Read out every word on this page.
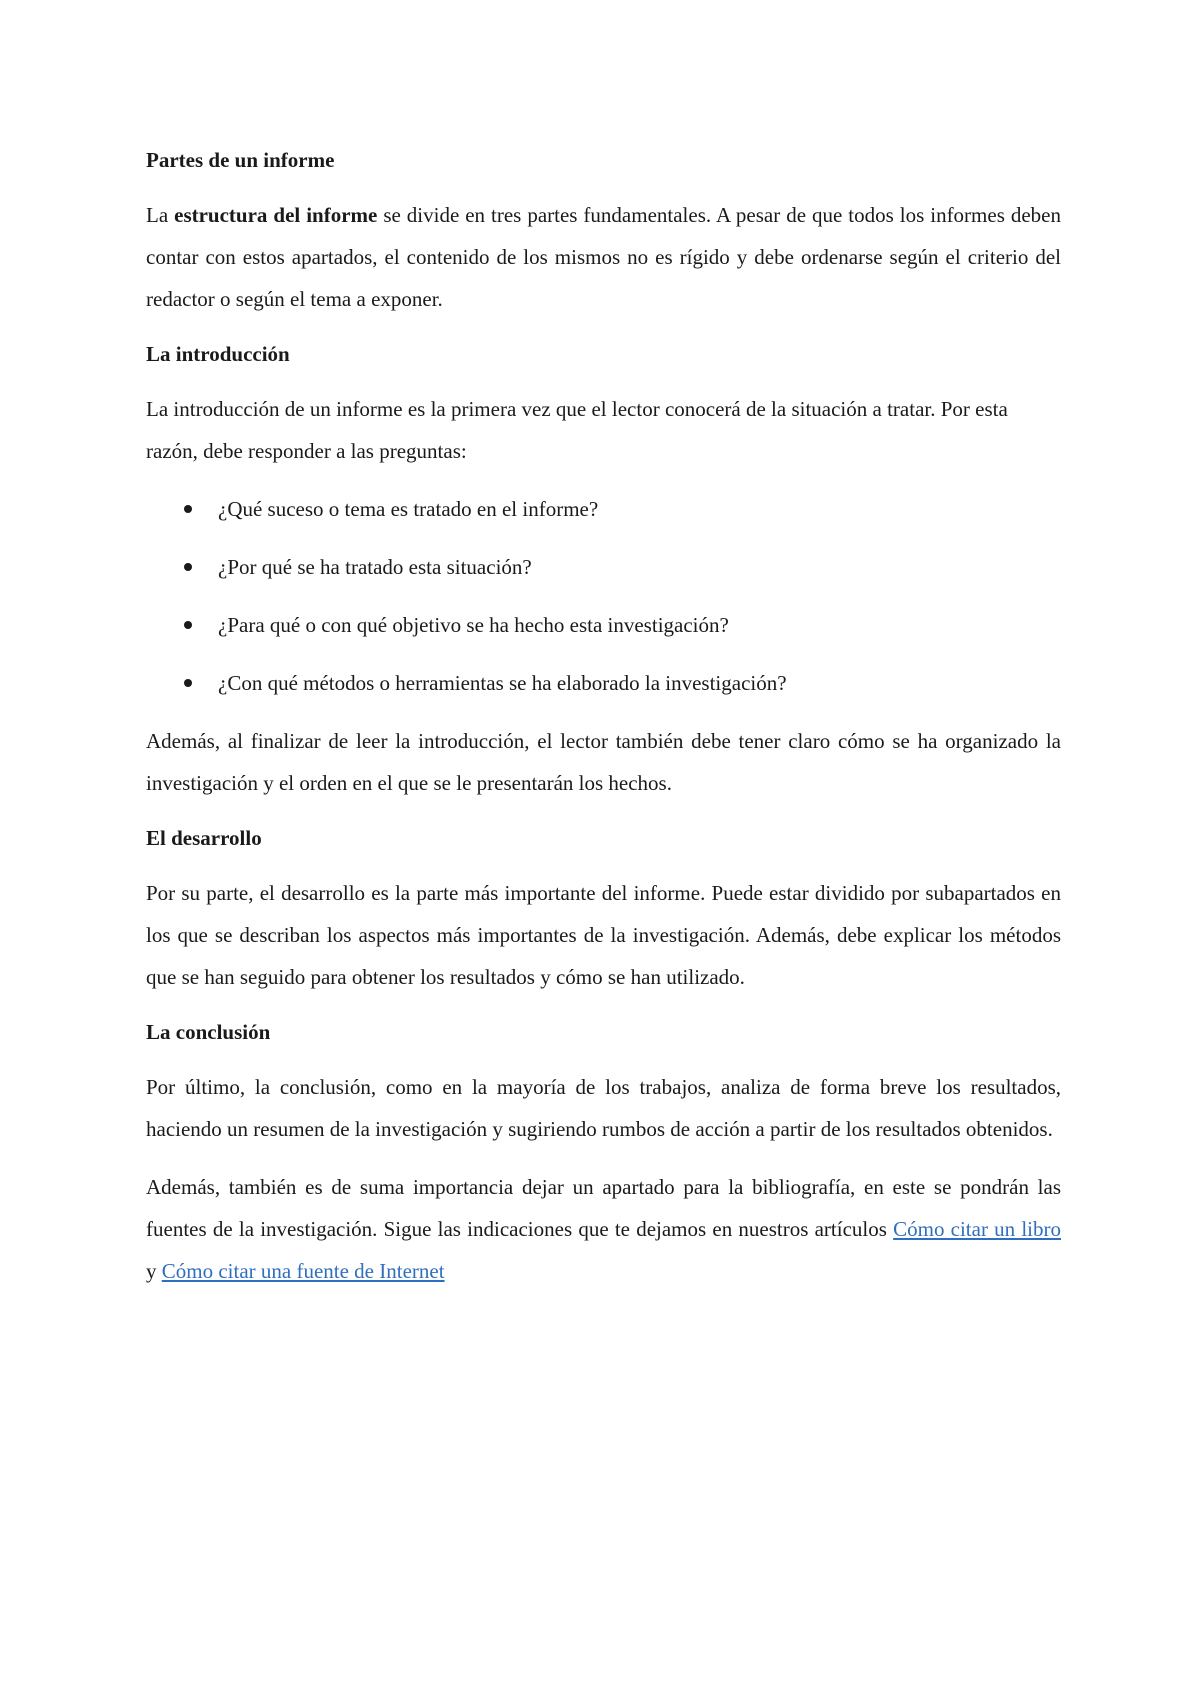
Partes de un informe

La estructura del informe se divide en tres partes fundamentales. A pesar de que todos los informes deben contar con estos apartados, el contenido de los mismos no es rígido y debe ordenarse según el criterio del redactor o según el tema a exponer.

La introducción

La introducción de un informe es la primera vez que el lector conocerá de la situación a tratar. Por esta razón, debe responder a las preguntas:

¿Qué suceso o tema es tratado en el informe?
¿Por qué se ha tratado esta situación?
¿Para qué o con qué objetivo se ha hecho esta investigación?
¿Con qué métodos o herramientas se ha elaborado la investigación?

Además, al finalizar de leer la introducción, el lector también debe tener claro cómo se ha organizado la investigación y el orden en el que se le presentarán los hechos.

El desarrollo

Por su parte, el desarrollo es la parte más importante del informe. Puede estar dividido por subapartados en los que se describan los aspectos más importantes de la investigación. Además, debe explicar los métodos que se han seguido para obtener los resultados y cómo se han utilizado.

La conclusión

Por último, la conclusión, como en la mayoría de los trabajos, analiza de forma breve los resultados, haciendo un resumen de la investigación y sugiriendo rumbos de acción a partir de los resultados obtenidos.

Además, también es de suma importancia dejar un apartado para la bibliografía, en este se pondrán las fuentes de la investigación. Sigue las indicaciones que te dejamos en nuestros artículos Cómo citar un libro y Cómo citar una fuente de Internet
